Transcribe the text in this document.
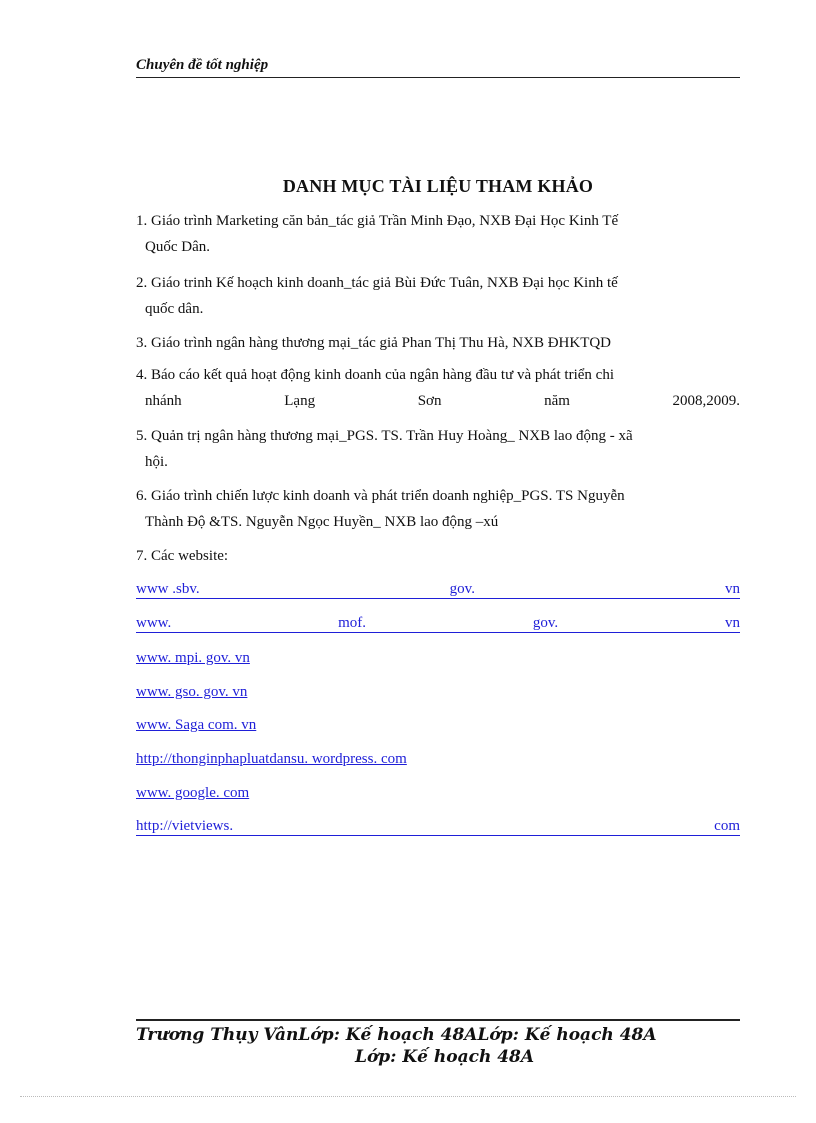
Chuyên đề tốt nghiệp
DANH MỤC TÀI LIỆU THAM KHẢO
1. Giáo trình Marketing căn bản_tác giả Trần Minh Đạo, NXB Đại Học Kinh Tế
Quốc Dân.
2. Giáo trinh Kế hoạch kinh doanh_tác giả Bùi Đức Tuân, NXB Đại học Kinh tế
quốc dân.
3. Giáo trình ngân hàng thương mại_tác giả Phan Thị Thu Hà, NXB ĐHKTQD
4. Báo cáo kết quả hoạt động kinh doanh của ngân hàng đầu tư và phát triển chi
nhánh	Lạng	Sơn	năm	2008,2009.
5. Quản trị ngân hàng thương mại_PGS. TS. Trần Huy Hoàng_ NXB lao động - xã
hội.
6. Giáo trình chiến lược kinh doanh và phát triển doanh nghiệp_PGS. TS Nguyễn
Thành Độ &TS. Nguyễn Ngọc Huyền_ NXB lao động –xú
7. Các website:
www .sbv.	gov.	vn
www.	mof.	gov.	vn
www. mpi. gov. vn
www. gso. gov. vn
www. Saga com. vn
http://thonginphapluatdansu. wordpress. com
www. google. com
http://vietviews.	com
Trương Thụy VânLớp: Kế hoạch 48ALớp: Kế hoạch 48A
Lớp: Kế hoạch 48A
